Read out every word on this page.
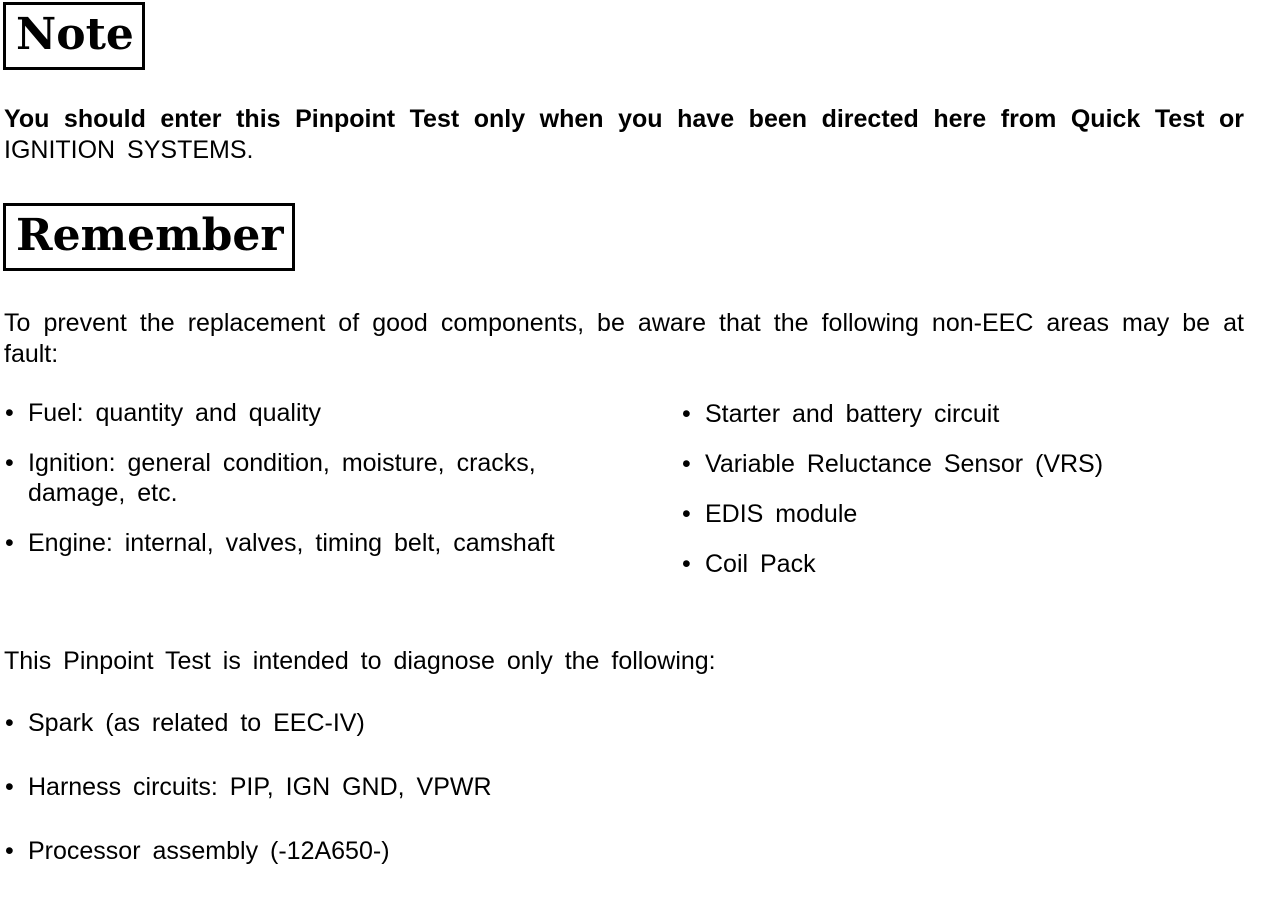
Note
You should enter this Pinpoint Test only when you have been directed here from Quick Test or IGNITION SYSTEMS.
Remember
To prevent the replacement of good components, be aware that the following non-EEC areas may be at fault:
• Fuel: quantity and quality
• Ignition: general condition, moisture, cracks, damage, etc.
• Engine: internal, valves, timing belt, camshaft
• Starter and battery circuit
• Variable Reluctance Sensor (VRS)
• EDIS module
• Coil Pack
This Pinpoint Test is intended to diagnose only the following:
• Spark (as related to EEC-IV)
• Harness circuits: PIP, IGN GND, VPWR
• Processor assembly (-12A650-)
